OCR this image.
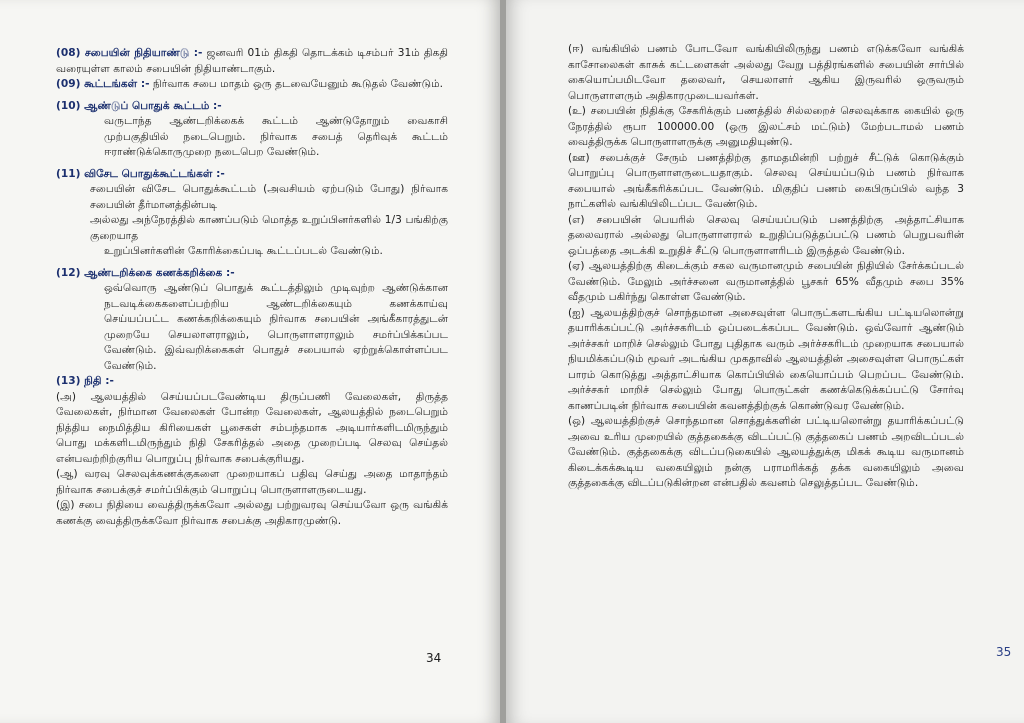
(08) சபையின் நிதியாண்டு :- ஜனவரி 01ம் திகதி தொடக்கம் டிசம்பர் 31ம் திகதி வரையுள்ள காலம் சபையின் நிதியாண்டாகும்.

(09) கூட்டங்கள் :- நிர்வாக சபை மாதம் ஒரு தடவையேனும் கூடுதல் வேண்டும்.

(10) ஆண்டுப் பொதுக் கூட்டம் :-

வருடாந்த ஆண்டறிக்கைக் கூட்டம் ஆண்டுதோறும் வைகாசி முற்பகுதியில் நடைபெறும். நிர்வாக சபைத் தெரிவுக் கூட்டம் ஈராண்டுக்கொருமுறை நடைபெற வேண்டும்.

(11) விசேட பொதுக்கூட்டங்கள் :-

சபையின் விசேட பொதுக்கூட்டம் (அவசியம் ஏற்படும் போது) நிர்வாக சபையின் தீர்மானத்தின்படி

அல்லது அந்நேரத்தில் காணப்படும் மொத்த உறுப்பினர்களில் 1/3 பங்கிற்கு குறையாத

உறுப்பினர்களின் கோரிக்கைப்படி கூட்டப்படல் வேண்டும்.

(12) ஆண்டறிக்கை கணக்கறிக்கை :-

ஒவ்வொரு ஆண்டுப் பொதுக் கூட்டத்திலும் முடிவுற்ற ஆண்டுக்கான நடவடிக்கைகளைப்பற்றிய ஆண்டறிக்கையும் கணக்காய்வு செய்யப்பட்ட கணக்கறிக்கையும் நிர்வாக சபையின் அங்கீகாரத்துடன் முறையே செயலாளராலும், பொருளாளராலும் சமர்ப்பிக்கப்பட வேண்டும். இவ்வறிக்கைகள் பொதுச் சபையால் ஏற்றுக்கொள்ளப்பட வேண்டும்.

(13) நிதி :-

(அ) ஆலயத்தில் செய்யப்படவேண்டிய திருப்பணி வேலைகள், திருத்த வேலைகள், நிர்மான வேலைகள் போன்ற வேலைகள், ஆலயத்தில் நடைபெறும் நித்திய நைமித்திய கிரியைகள் பூசைகள் சம்பந்தமாக அடியார்களிடமிருந்தும் பொது மக்களிடமிருந்தும் நிதி சேகரித்தல் அதை முறைப்படி செலவு செய்தல் என்பவற்றிற்குரிய பொறுப்பு நிர்வாக சபைக்குரியது.

(ஆ) வரவு செலவுக்கணக்குகளை முறையாகப் பதிவு செய்து அதை மாதாந்தம் நிர்வாக சபைக்குச் சமர்ப்பிக்கும் பொறுப்பு பொருளாளருடையது.

(இ) சபை நிதியை வைத்திருக்கவோ அல்லது பற்றுவரவு செய்யவோ ஒரு வங்கிக் கணக்கு வைத்திருக்கவோ நிர்வாக சபைக்கு அதிகாரமுண்டு.

34

(ஈ) வங்கியில் பணம் போடவோ வங்கியிலிருந்து பணம் எடுக்கவோ வங்கிக் காசோலைகள் காசுக் கட்டளைகள் அல்லது வேறு பத்திரங்களில் சபையின் சார்பில் கையொப்பமிடவோ தலைவர், செயலாளர் ஆகிய இருவரில் ஒருவரும் பொருளாளரும் அதிகாரமுடையவர்கள்.

(உ) சபையின் நிதிக்கு சேகரிக்கும் பணத்தில் சில்லறைச் செலவுக்காக கையில் ஒரு நேரத்தில் ரூபா 100000.00 (ஒரு இலட்சம் மட்டும்) மேற்படாமல் பணம் வைத்திருக்க பொருளாளருக்கு அனுமதியுண்டு.

(ஊ) சபைக்குச் சேரும் பணத்திற்கு தாமதமின்றி பற்றுச் சீட்டுக் கொடுக்கும் பொறுப்பு பொருளாளருடையதாகும். செலவு செய்யப்படும் பணம் நிர்வாக சபையால் அங்கீகரிக்கப்பட வேண்டும். மிகுதிப் பணம் கைபிருப்பில் வந்த 3 நாட்களில் வங்கியிலிடப்பட வேண்டும்.

(எ) சபையின் பெயரில் செலவு செய்யப்படும் பணத்திற்கு அத்தாட்சியாக தலைவரால் அல்லது பொருளாளரால் உறுதிப்படுத்தப்பட்டு பணம் பெறுபவரின் ஒப்பத்தை அடக்கி உறுதிச் சீட்டு பொருளாளரிடம் இருத்தல் வேண்டும்.

(ஏ) ஆலயத்திற்கு கிடைக்கும் சகல வருமானமும் சபையின் நிதியில் சேர்க்கப்படல் வேண்டும். மேலும் அர்ச்சனை வருமானத்தில் பூசகர் 65% வீதமும் சபை 35% வீதமும் பகிர்ந்து கொள்ள வேண்டும்.

(ஐ) ஆலயத்திற்குச் சொந்தமான அசைவுள்ள பொருட்களடங்கிய பட்டியலொன்று தயாரிக்கப்பட்டு அர்ச்சகரிடம் ஒப்படைக்கப்பட வேண்டும். ஒவ்வோர் ஆண்டும் அர்ச்சகர் மாறிச் செல்லும் போது புதிதாக வரும் அர்ச்சகரிடம் முறையாக சபையால் நியமிக்கப்படும் மூவர் அடங்கிய முகதாவில் ஆலயத்தின் அசைவுள்ள பொருட்கள் பாரம் கொடுத்து அத்தாட்சியாக கொப்பியில் கையொப்பம் பெறப்பட வேண்டும். அர்ச்சகர் மாறிச் செல்லும் போது பொருட்கள் கணக்கெடுக்கப்பட்டு சோர்வு காணப்படின் நிர்வாக சபையின் கவனத்திற்குக் கொண்டுவர வேண்டும்.

(ஒ) ஆலயத்திற்குச் சொந்தமான சொத்துக்களின் பட்டியலொன்று தயாரிக்கப்பட்டு அவை உரிய முறையில் குத்தகைக்கு விடப்பட்டு குத்தகைப் பணம் அறவிடப்படல் வேண்டும். குத்தகைக்கு விடப்படுகையில் ஆலயத்துக்கு மிகக் கூடிய வருமானம் கிடைக்கக்கூடிய வகையிலும் நன்கு பராமரிக்கத் தக்க வகையிலும் அவை குத்தகைக்கு விடப்படுகின்றன என்பதில் கவனம் செலுத்தப்பட வேண்டும்.

35
